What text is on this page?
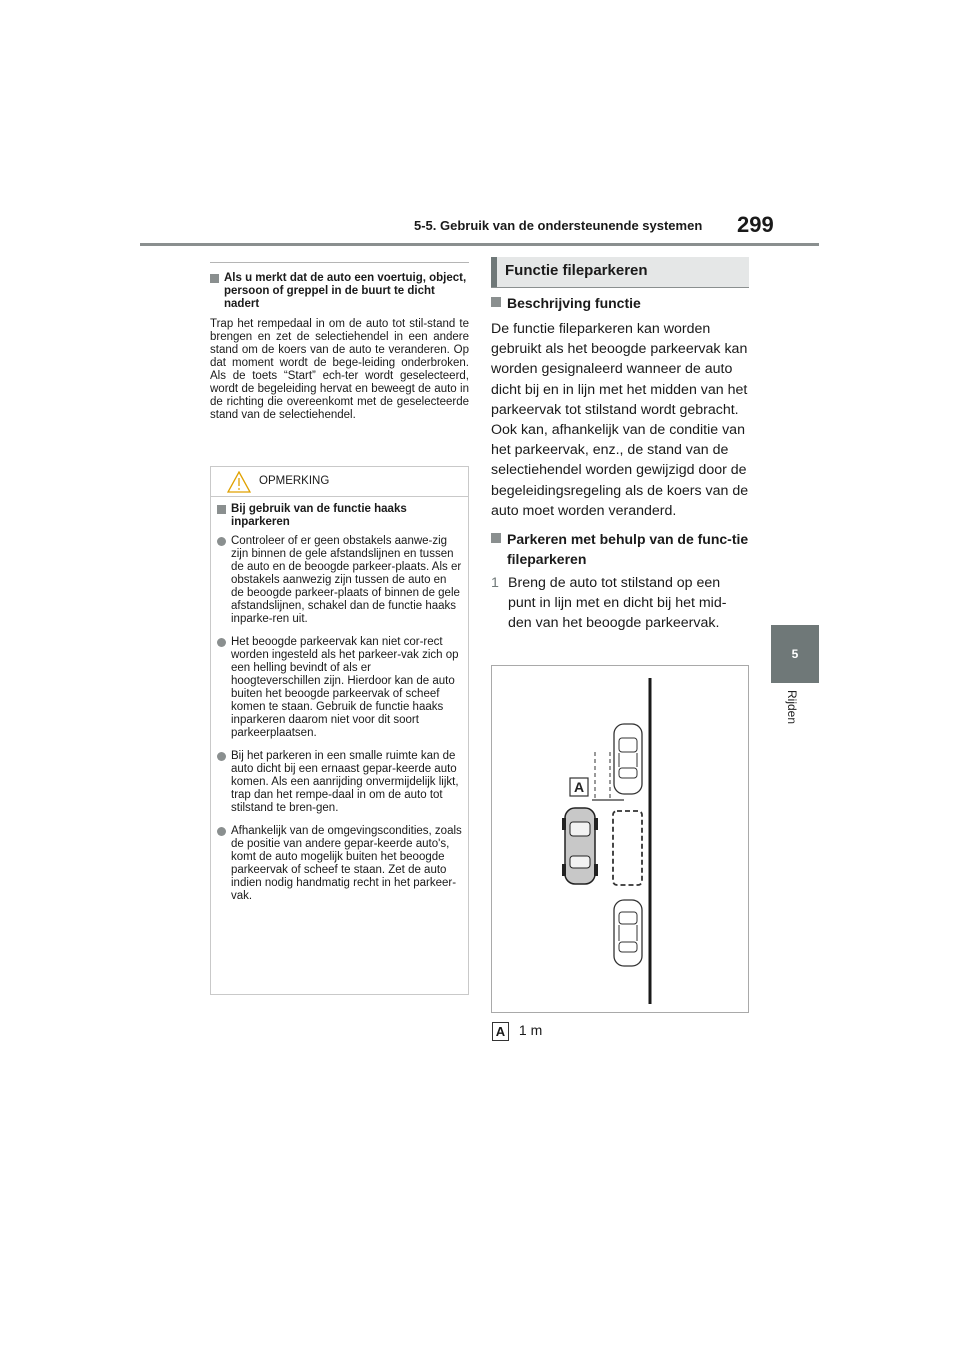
5-5. Gebruik van de ondersteunende systemen 299
5
Rijden
Als u merkt dat de auto een voertuig, object, persoon of greppel in de buurt te dicht nadert
Trap het rempedaal in om de auto tot stil-stand te brengen en zet de selectiehendel in een andere stand om de koers van de auto te veranderen. Op dat moment wordt de bege-leiding onderbroken. Als de toets “Start” ech-ter wordt geselecteerd, wordt de begeleiding hervat en beweegt de auto in de richting die overeenkomt met de geselecteerde stand van de selectiehendel.
OPMERKING
Bij gebruik van de functie haaks inparkeren
Controleer of er geen obstakels aanwe-zig zijn binnen de gele afstandslijnen en tussen de auto en de beoogde parkeer-plaats. Als er obstakels aanwezig zijn tussen de auto en de beoogde parkeer-plaats of binnen de gele afstandslijnen, schakel dan de functie haaks inparke-ren uit.
Het beoogde parkeervak kan niet cor-rect worden ingesteld als het parkeer-vak zich op een helling bevindt of als er hoogteverschillen zijn. Hierdoor kan de auto buiten het beoogde parkeervak of scheef komen te staan. Gebruik de functie haaks inparkeren daarom niet voor dit soort parkeerplaatsen.
Bij het parkeren in een smalle ruimte kan de auto dicht bij een ernaast gepar-keerde auto komen. Als een aanrijding onvermijdelijk lijkt, trap dan het rempe-daal in om de auto tot stilstand te bren-gen.
Afhankelijk van de omgevingscondities, zoals de positie van andere gepar-keerde auto's, komt de auto mogelijk buiten het beoogde parkeervak of scheef te staan. Zet de auto indien nodig handmatig recht in het parkeer-vak.
Functie fileparkeren
Beschrijving functie
De functie fileparkeren kan worden gebruikt als het beoogde parkeervak kan worden gesignaleerd wanneer de auto dicht bij en in lijn met het midden van het parkeervak tot stilstand wordt gebracht. Ook kan, afhankelijk van de conditie van het parkeervak, enz., de stand van de selectiehendel worden gewijzigd door de begeleidingsregeling als de koers van de auto moet worden veranderd.
Parkeren met behulp van de func-tie fileparkeren
1 Breng de auto tot stilstand op een punt in lijn met en dicht bij het mid-den van het beoogde parkeervak.
A
A 1 m
